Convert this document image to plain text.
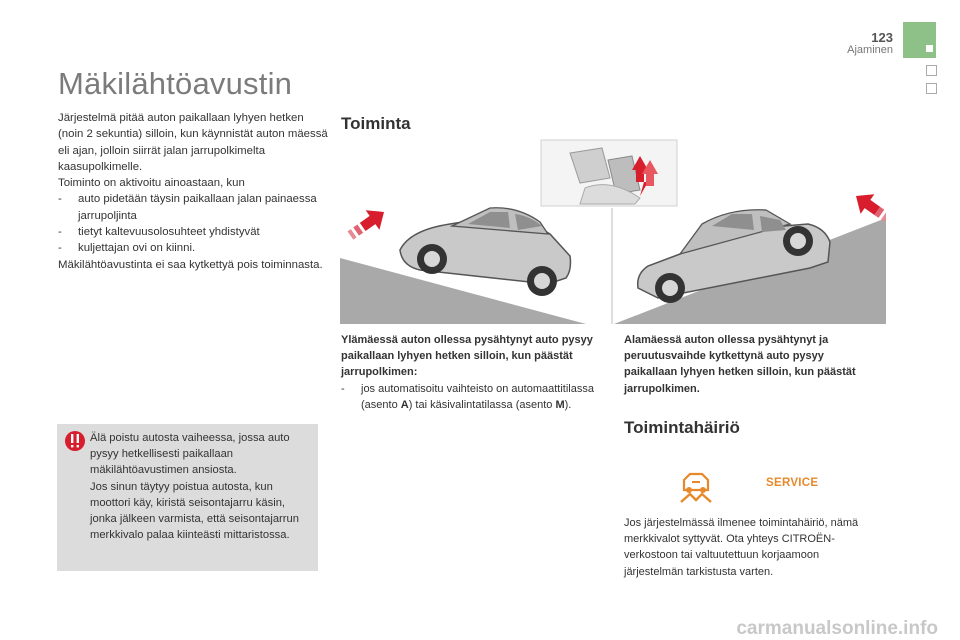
123
Ajaminen
Mäkilähtöavustin

Järjestelmä pitää auton paikallaan lyhyen hetken (noin 2 sekuntia) silloin, kun käynnistät auton mäessä eli ajan, jolloin siirrät jalan jarrupolkimelta kaasupolkimelle.

Toiminto on aktivoitu ainoastaan, kun

-	auto pidetään täysin paikallaan jalan painaessa jarrupoljinta
-	tietyt kaltevuusolosuhteet yhdistyvät
-	kuljettajan ovi on kiinni.

Mäkilähtöavustinta ei saa kytkettyä pois toiminnasta.

Älä poistu autosta vaiheessa, jossa auto pysyy hetkellisesti paikallaan mäkilähtöavustimen ansiosta.

Jos sinun täytyy poistua autosta, kun moottori käy, kiristä seisontajarru käsin, jonka jälkeen varmista, että seisontajarrun merkkivalo palaa kiinteästi mittaristossa.

Toiminta

Ylämäessä auton ollessa pysähtynyt auto pysyy paikallaan lyhyen hetken silloin, kun päästät jarrupolkimen:

-	jos automatisoitu vaihteisto on automaattitilassa (asento A) tai käsivalintatilassa (asento M).

Alamäessä auton ollessa pysähtynyt ja peruutusvaihde kytkettynä auto pysyy paikallaan lyhyen hetken silloin, kun päästät jarrupolkimen.

Toimintahäiriö
SERVICE
Jos järjestelmässä ilmenee toimintahäiriö, nämä merkkivalot syttyvät. Ota yhteys CITROËN-verkostoon tai valtuutettuun korjaamoon järjestelmän tarkistusta varten.
carmanualsonline.info
